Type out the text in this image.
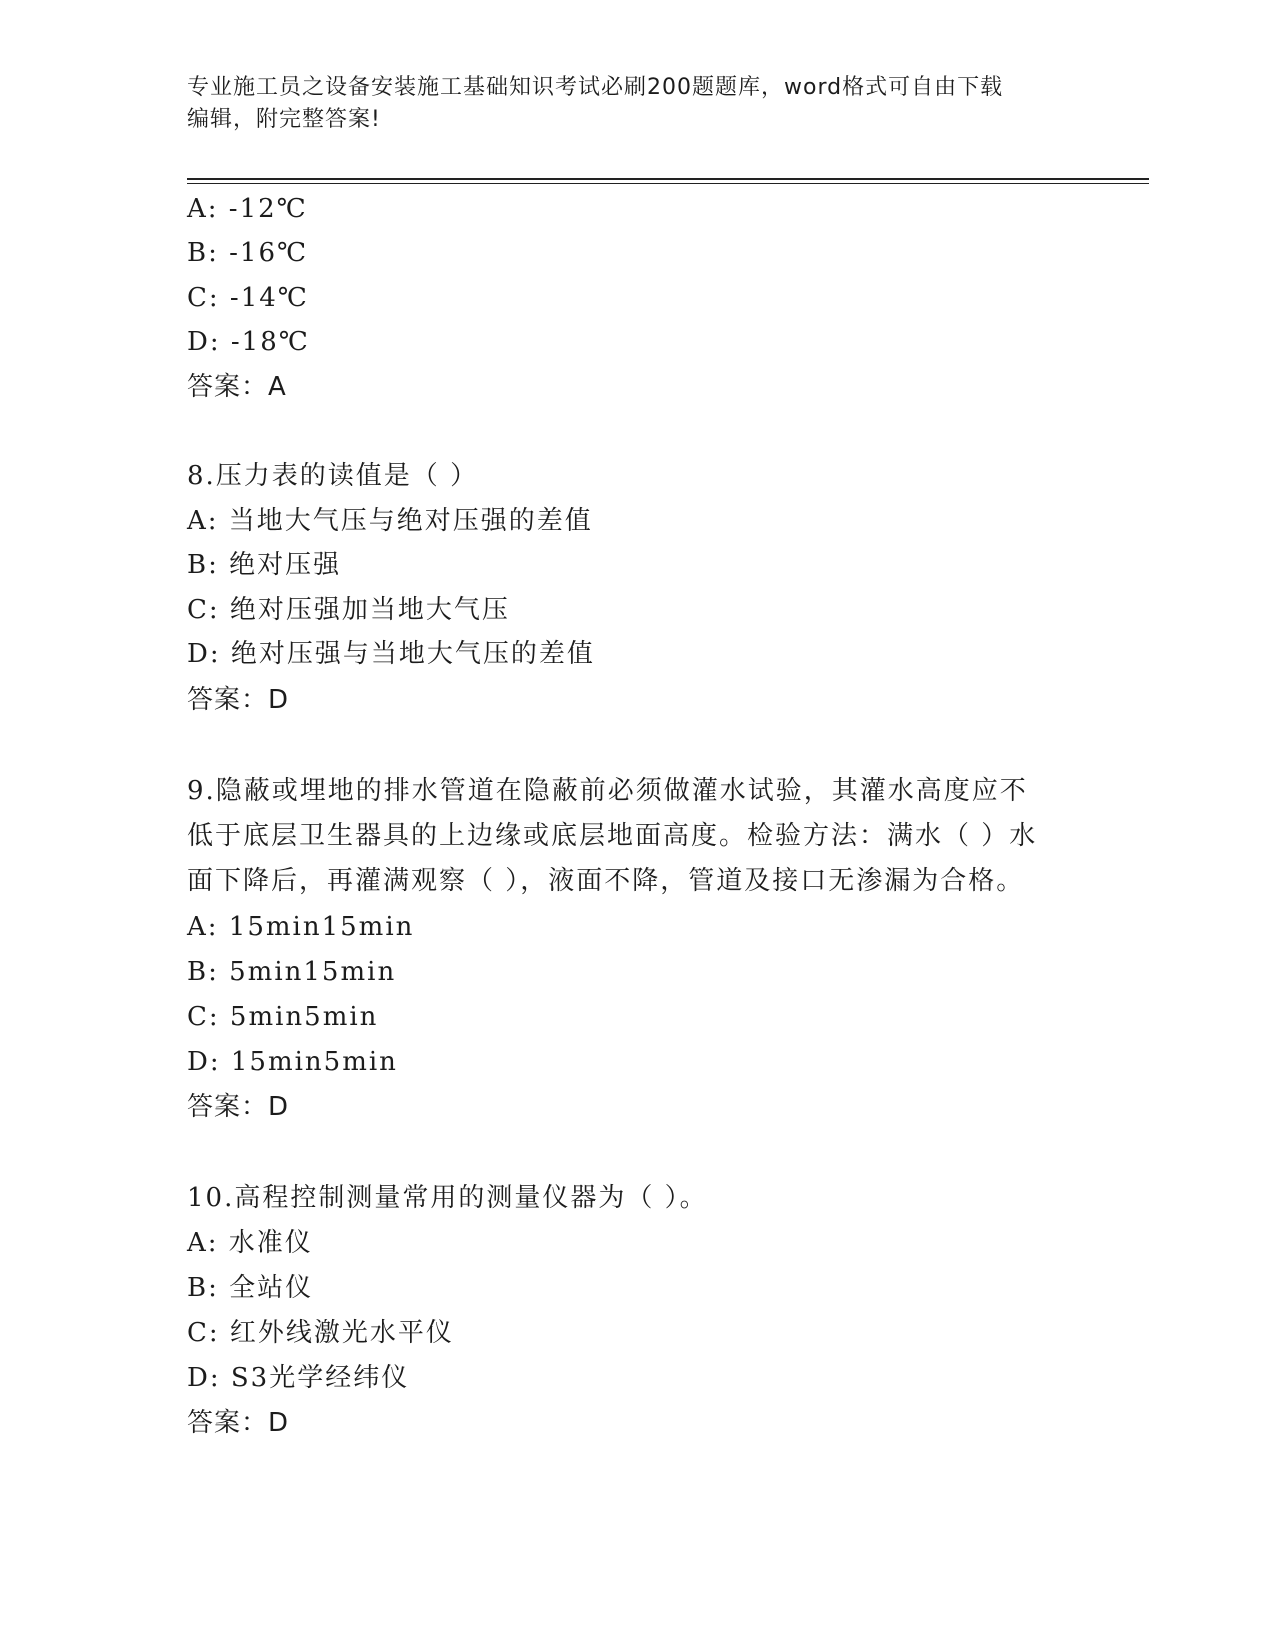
专业施工员之设备安装施工基础知识考试必刷200题题库，word格式可自由下载
编辑，附完整答案!
A: -12℃
B: -16℃
C: -14℃
D: -18℃
答案：A
8.压力表的读值是（ ）
A: 当地大气压与绝对压强的差值
B: 绝对压强
C: 绝对压强加当地大气压
D: 绝对压强与当地大气压的差值
答案：D
9.隐蔽或埋地的排水管道在隐蔽前必须做灌水试验，其灌水高度应不
低于底层卫生器具的上边缘或底层地面高度。检验方法：满水（ ）水
面下降后，再灌满观察（ ），液面不降，管道及接口无渗漏为合格。
A: 15min15min
B: 5min15min
C: 5min5min
D: 15min5min
答案：D
10.高程控制测量常用的测量仪器为（ ）。
A: 水准仪
B: 全站仪
C: 红外线激光水平仪
D: S3光学经纬仪
答案：D
